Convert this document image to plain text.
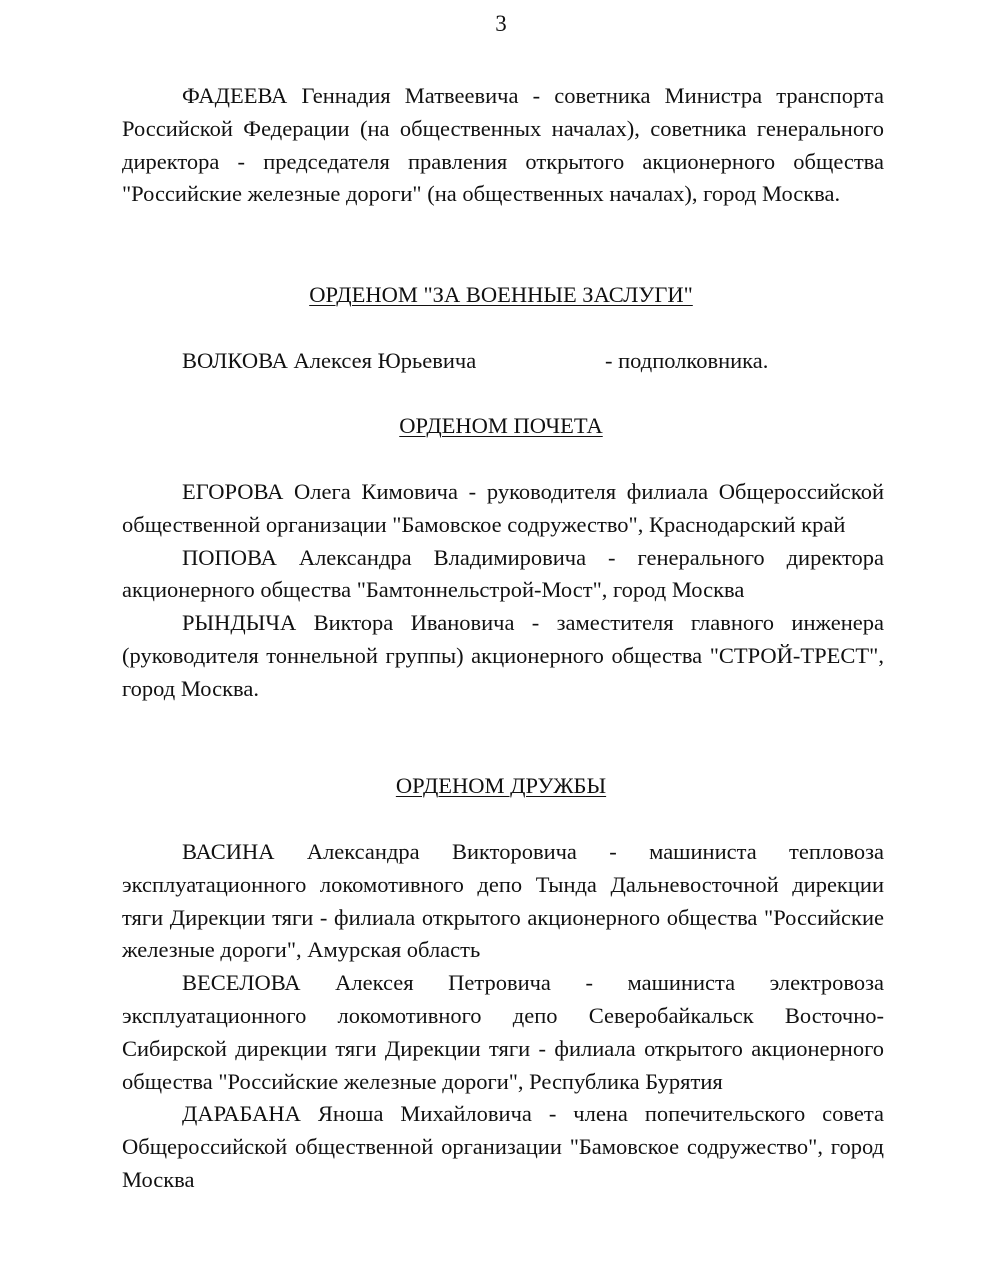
3

ФАДЕЕВА Геннадия Матвеевича - советника Министра транспорта Российской Федерации (на общественных началах), советника генерального директора - председателя правления открытого акционерного общества "Российские железные дороги" (на общественных началах), город Москва.

ОРДЕНОМ "ЗА ВОЕННЫЕ ЗАСЛУГИ"
ВОЛКОВА Алексея Юрьевича	- подполковника.
ОРДЕНОМ ПОЧЕТА

ЕГОРОВА Олега Кимовича - руководителя филиала Общероссийской общественной организации "Бамовское содружество", Краснодарский край

ПОПОВА Александра Владимировича - генерального директора акционерного общества "Бамтоннельстрой-Мост", город Москва

РЫНДЫЧА Виктора Ивановича - заместителя главного инженера (руководителя тоннельной группы) акционерного общества "СТРОЙ-ТРЕСТ", город Москва.

ОРДЕНОМ ДРУЖБЫ

ВАСИНА Александра Викторовича - машиниста тепловоза эксплуатационного локомотивного депо Тында Дальневосточной дирекции тяги Дирекции тяги - филиала открытого акционерного общества "Российские железные дороги", Амурская область

ВЕСЕЛОВА Алексея Петровича - машиниста электровоза эксплуатационного локомотивного депо Северобайкальск Восточно-Сибирской дирекции тяги Дирекции тяги - филиала открытого акционерного общества "Российские железные дороги", Республика Бурятия

ДАРАБАНА Яноша Михайловича - члена попечительского совета Общероссийской общественной организации "Бамовское содружество", город Москва
